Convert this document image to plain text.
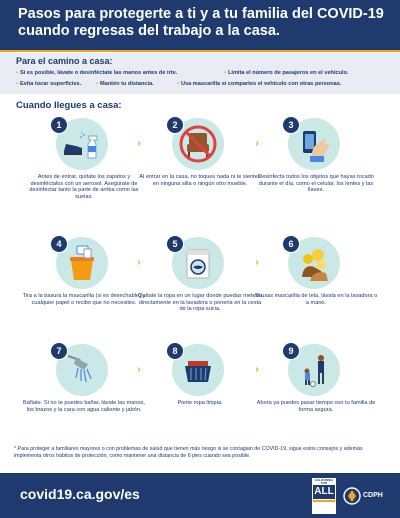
Pasos para protegerte a ti y a tu familia del COVID-19 cuando regresas del trabajo a la casa.
Para el camino a casa:
• Si es posible, lávate o desinféctate las manos antes de irte.	• Limita el número de pasajeros en el vehículo.
• Evita tocar superficies.	• Mantén tu distancia.	• Usa mascarilla si compartes el vehículo con otras personas.
Cuando llegues a casa:
1
Antes de entrar, quítate los zapatos y desinféctalos con un aerosol. Asegúrate de desinfectar tanto la parte de arriba como las suelas.
›
2
Al entrar en la casa, no toques nada ni te sientes en ninguna silla o ningún otro mueble.
›
3
Desinfecta todos los objetos que hayas tocado durante el día, como el celular, los lentes y las llaves.
4
Tira a la basura la mascarilla (si es desechable) y cualquier papel o recibo que no necesites.
›
5
Quítate la ropa en un lugar donde puedas meterla directamente en la lavadora o ponerla en la cesta de la ropa sucia.
›
6
Si usas mascarilla de tela, lávala en la lavadora o a mano.
7
Báñate. Si no te puedes bañar, lávate las manos, los brazos y la cara con agua caliente y jabón.
›
8
Ponte ropa limpia.
›
9
Ahora ya puedes pasar tiempo con tu familia de forma segura.
* Para proteger a familiares mayores o con problemas de salud que tienen más riesgo si se contagian de COVID-19, sigue estos consejos y además implementa otros hábitos de protección, como mantener una distancia de 6 pies cuando sea posible.
covid19.ca.gov/es
CALIFORNIA FOR
ALL	CDPH
